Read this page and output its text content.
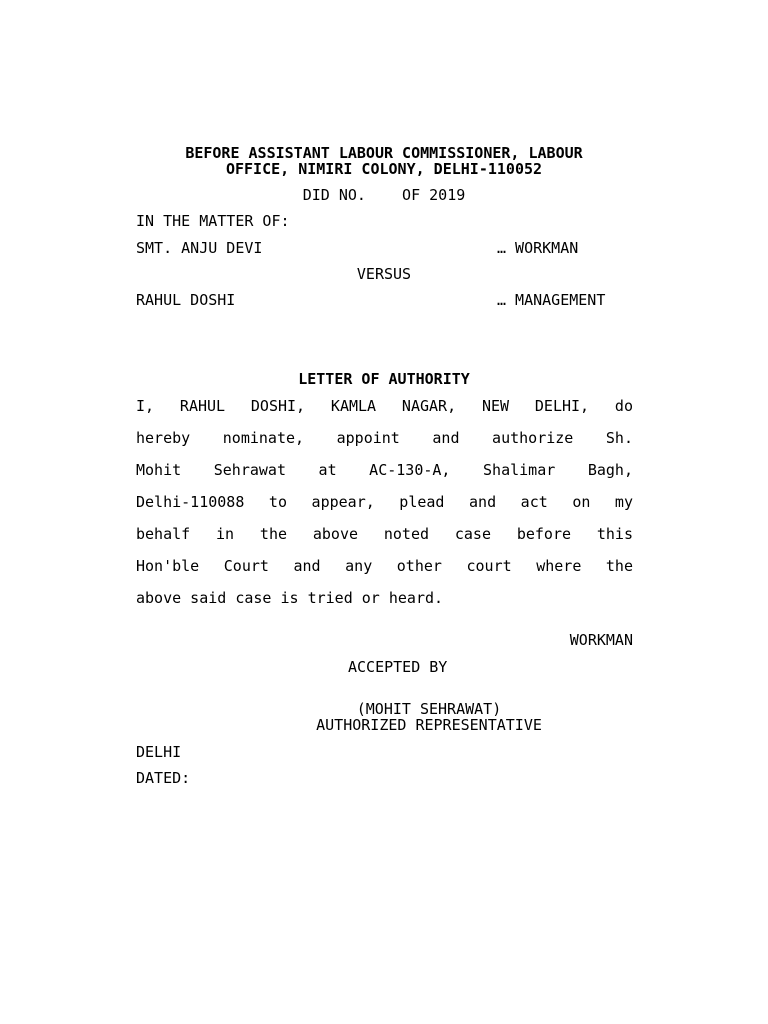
BEFORE ASSISTANT LABOUR COMMISSIONER, LABOUR
OFFICE, NIMIRI COLONY, DELHI-110052
DID NO.    OF 2019
IN THE MATTER OF:
SMT. ANJU DEVI	… WORKMAN
VERSUS
RAHUL DOSHI	… MANAGEMENT
LETTER OF AUTHORITY
I, RAHUL DOSHI, KAMLA NAGAR, NEW DELHI, do
hereby nominate, appoint and authorize Sh.
Mohit Sehrawat at AC-130-A, Shalimar Bagh,
Delhi-110088 to appear, plead and act on my
behalf in the above noted case before this
Hon'ble Court and any other court where the
above said case is tried or heard.
WORKMAN
ACCEPTED BY
(MOHIT SEHRAWAT)
AUTHORIZED REPRESENTATIVE
DELHI
DATED:
